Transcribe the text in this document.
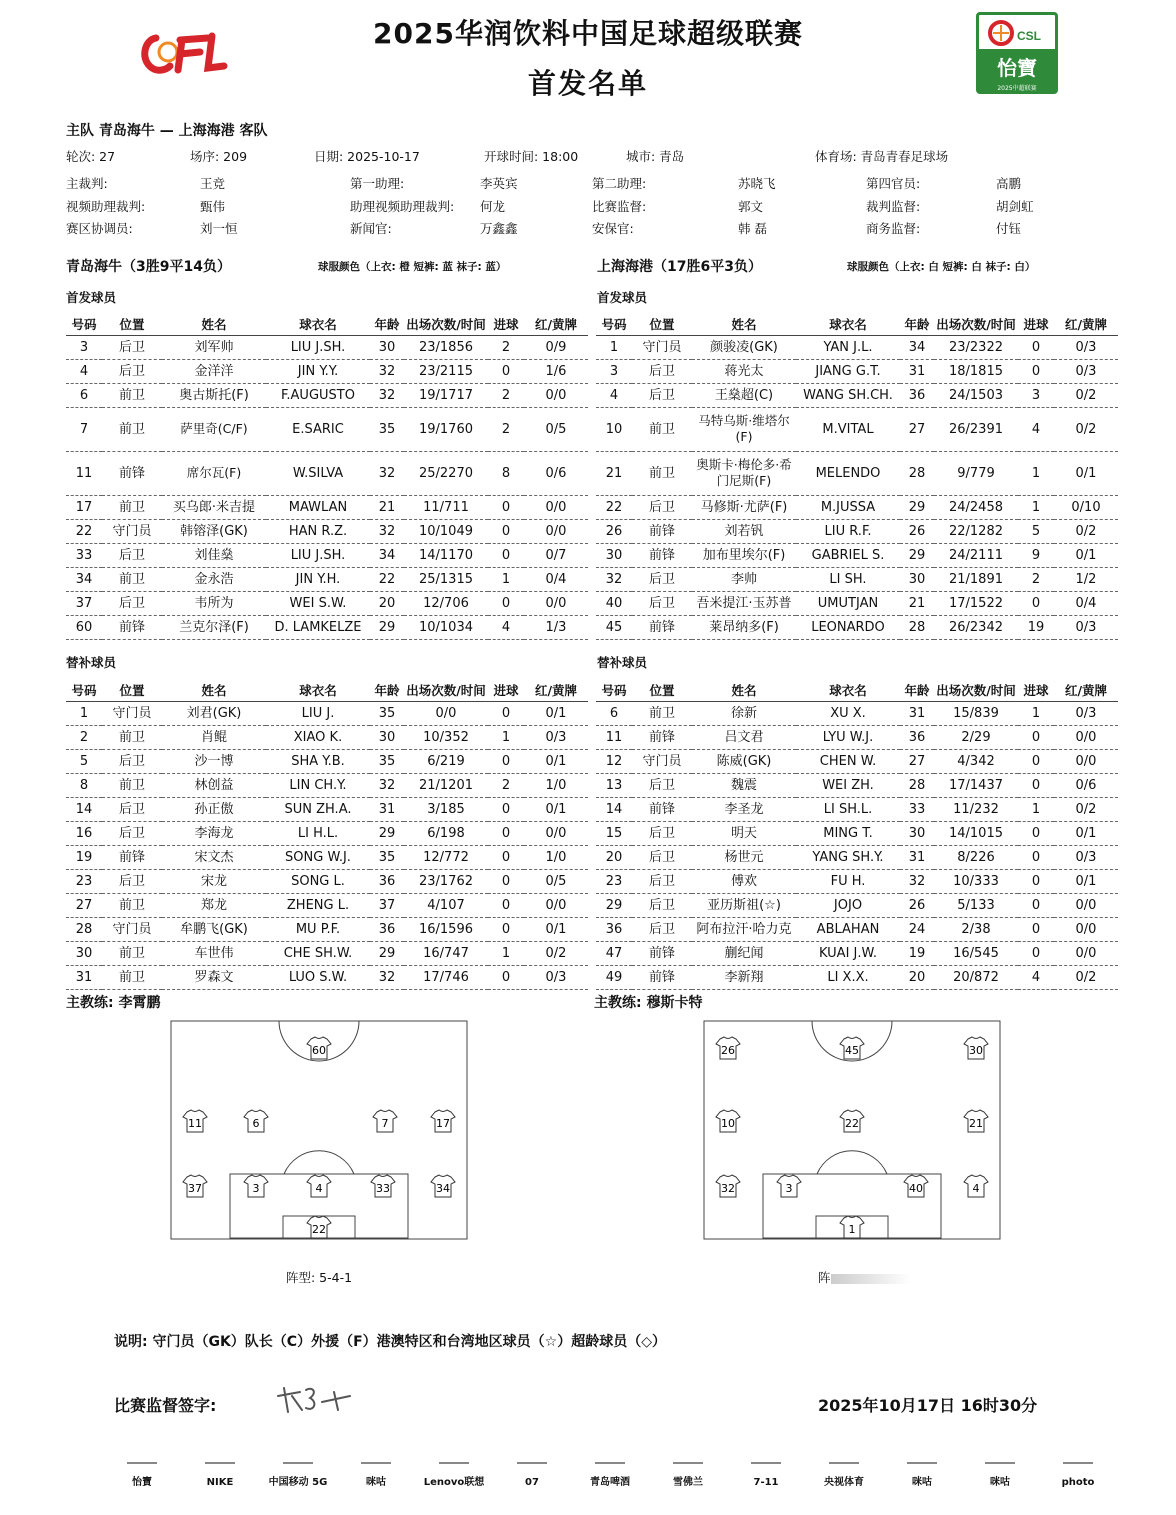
2025华润饮料中国足球超级联赛
首发名单
CSL
怡寶
2025中超联赛
主队 青岛海牛 — 上海海港 客队
轮次: 27	场序: 209	日期: 2025-10-17	开球时间: 18:00	城市: 青岛	体育场: 青岛青春足球场
主裁判:	王竞	第一助理:	李英宾	第二助理:	苏晓飞	第四官员:	高鹏
视频助理裁判:	甄伟	助理视频助理裁判: 何龙	比赛监督:	郭文	裁判监督:	胡剑虹
赛区协调员:	刘一恒	新闻官:	万鑫鑫	安保官:	韩 磊	商务监督:	付钰
青岛海牛（3胜9平14负）	球服颜色（上衣: 橙 短裤: 蓝 袜子: 蓝）	上海海港（17胜6平3负）	球服颜色（上衣: 白 短裤: 白 袜子: 白）
首发球员	首发球员
号码	位置	姓名	球衣名	年龄	出场次数/时间	进球	红/黄牌
3	后卫	刘军帅	LIU J.SH.	30	23/1856	2	0/9
4	后卫	金洋洋	JIN Y.Y.	32	23/2115	0	1/6
6	前卫	奥古斯托(F)	F.AUGUSTO	32	19/1717	2	0/0
7	前卫	萨里奇(C/F)	E.SARIC	35	19/1760	2	0/5
11	前锋	席尔瓦(F)	W.SILVA	32	25/2270	8	0/6
17	前卫	买乌郎·米吉提	MAWLAN	21	11/711	0	0/0
22	守门员	韩镕泽(GK)	HAN R.Z.	32	10/1049	0	0/0
33	后卫	刘佳燊	LIU J.SH.	34	14/1170	0	0/7
34	前卫	金永浩	JIN Y.H.	22	25/1315	1	0/4
37	后卫	韦所为	WEI S.W.	20	12/706	0	0/0
60	前锋	兰克尔泽(F)	D. LAMKELZE	29	10/1034	4	1/3
号码	位置	姓名	球衣名	年龄	出场次数/时间	进球	红/黄牌
1	守门员	颜骏凌(GK)	YAN J.L.	34	23/2322	0	0/3
3	后卫	蒋光太	JIANG G.T.	31	18/1815	0	0/3
4	后卫	王燊超(C)	WANG SH.CH.	36	24/1503	3	0/2
10	前卫	马特乌斯·维塔尔(F)	M.VITAL	27	26/2391	4	0/2
21	前卫	奥斯卡·梅伦多·希门尼斯(F)	MELENDO	28	9/779	1	0/1
22	后卫	马修斯·尤萨(F)	M.JUSSA	29	24/2458	1	0/10
26	前锋	刘若钒	LIU R.F.	26	22/1282	5	0/2
30	前锋	加布里埃尔(F)	GABRIEL S.	29	24/2111	9	0/1
32	后卫	李帅	LI SH.	30	21/1891	2	1/2
40	后卫	吾米提江·玉苏普	UMUTJAN	21	17/1522	0	0/4
45	前锋	莱昂纳多(F)	LEONARDO	28	26/2342	19	0/3
替补球员	替补球员
号码	位置	姓名	球衣名	年龄	出场次数/时间	进球	红/黄牌
1	守门员	刘君(GK)	LIU J.	35	0/0	0	0/1
2	前卫	肖鲲	XIAO K.	30	10/352	1	0/3
5	后卫	沙一博	SHA Y.B.	35	6/219	0	0/1
8	前卫	林创益	LIN CH.Y.	32	21/1201	2	1/0
14	后卫	孙正傲	SUN ZH.A.	31	3/185	0	0/1
16	后卫	李海龙	LI H.L.	29	6/198	0	0/0
19	前锋	宋文杰	SONG W.J.	35	12/772	0	1/0
23	后卫	宋龙	SONG L.	36	23/1762	0	0/5
27	前卫	郑龙	ZHENG L.	37	4/107	0	0/0
28	守门员	牟鹏飞(GK)	MU P.F.	36	16/1596	0	0/1
30	前卫	车世伟	CHE SH.W.	29	16/747	1	0/2
31	前卫	罗森文	LUO S.W.	32	17/746	0	0/3
号码	位置	姓名	球衣名	年龄	出场次数/时间	进球	红/黄牌
6	前卫	徐新	XU X.	31	15/839	1	0/3
11	前锋	吕文君	LYU W.J.	36	2/29	0	0/0
12	守门员	陈威(GK)	CHEN W.	27	4/342	0	0/0
13	后卫	魏震	WEI ZH.	28	17/1437	0	0/6
14	前锋	李圣龙	LI SH.L.	33	11/232	1	0/2
15	后卫	明天	MING T.	30	14/1015	0	0/1
20	后卫	杨世元	YANG SH.Y.	31	8/226	0	0/3
23	后卫	傅欢	FU H.	32	10/333	0	0/1
29	后卫	亚历斯祖(☆)	JOJO	26	5/133	0	0/0
36	后卫	阿布拉汗·哈力克	ABLAHAN	24	2/38	0	0/0
47	前锋	蒯纪闻	KUAI J.W.	19	16/545	0	0/0
49	前锋	李新翔	LI X.X.	20	20/872	4	0/2
主教练: 李霄鹏	主教练: 穆斯卡特
60
11	6	7	17
37	3	4	33	34
22
26	45	30
10	22	21
32	3	40	4
1
阵型: 5-4-1	阵
说明: 守门员（GK）队长（C）外援（F）港澳特区和台湾地区球员（☆）超龄球员（◇）
比赛监督签字:	2025年10月17日 16时30分
怡寶	NIKE	中国移动 5G	咪咕	Lenovo联想	07	青岛啤酒	雪佛兰	7-11	央视体育	咪咕	咪咕	photo
